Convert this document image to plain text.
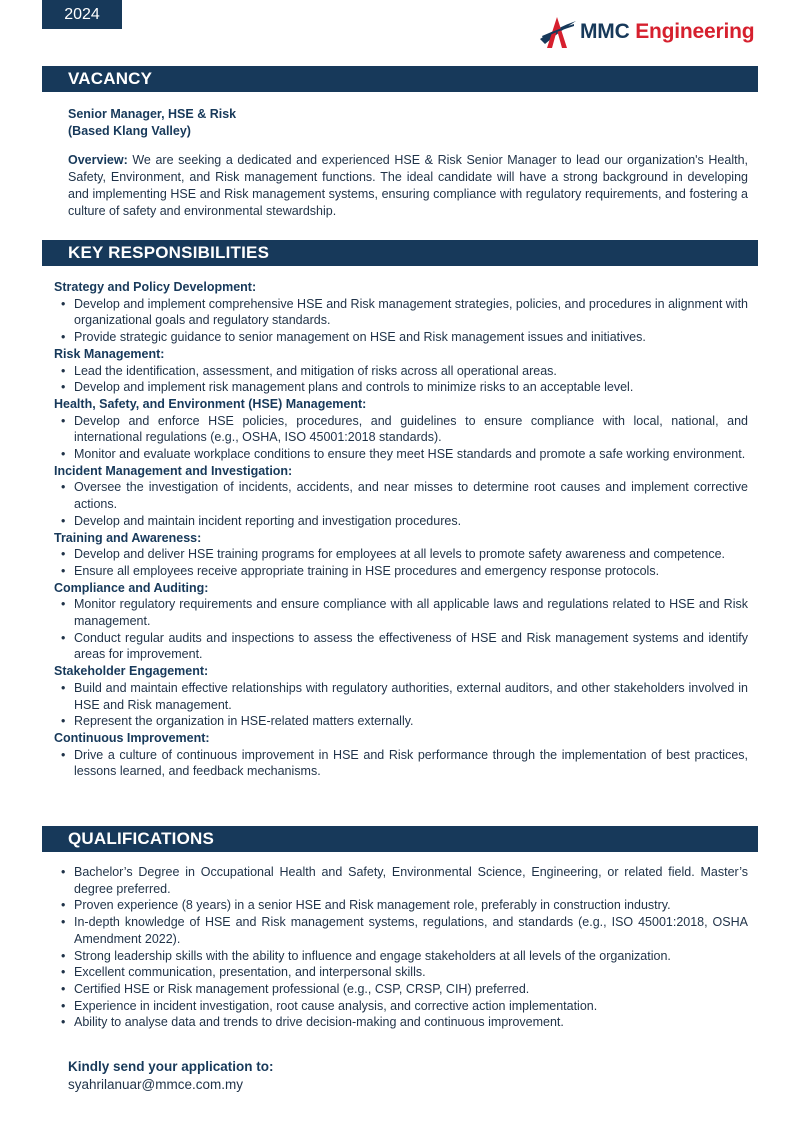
2024
MMC Engineering
VACANCY
Senior Manager, HSE & Risk
(Based Klang Valley)

Overview: We are seeking a dedicated and experienced HSE & Risk Senior Manager to lead our organization's Health, Safety, Environment, and Risk management functions. The ideal candidate will have a strong background in developing and implementing HSE and Risk management systems, ensuring compliance with regulatory requirements, and fostering a culture of safety and environmental stewardship.

KEY RESPONSIBILITIES
Strategy and Policy Development:
• Develop and implement comprehensive HSE and Risk management strategies, policies, and procedures in alignment with organizational goals and regulatory standards.
• Provide strategic guidance to senior management on HSE and Risk management issues and initiatives.
Risk Management:
• Lead the identification, assessment, and mitigation of risks across all operational areas.
• Develop and implement risk management plans and controls to minimize risks to an acceptable level.
Health, Safety, and Environment (HSE) Management:
• Develop and enforce HSE policies, procedures, and guidelines to ensure compliance with local, national, and international regulations (e.g., OSHA, ISO 45001:2018 standards).
• Monitor and evaluate workplace conditions to ensure they meet HSE standards and promote a safe working environment.
Incident Management and Investigation:
• Oversee the investigation of incidents, accidents, and near misses to determine root causes and implement corrective actions.
• Develop and maintain incident reporting and investigation procedures.
Training and Awareness:
• Develop and deliver HSE training programs for employees at all levels to promote safety awareness and competence.
• Ensure all employees receive appropriate training in HSE procedures and emergency response protocols.
Compliance and Auditing:
• Monitor regulatory requirements and ensure compliance with all applicable laws and regulations related to HSE and Risk management.
• Conduct regular audits and inspections to assess the effectiveness of HSE and Risk management systems and identify areas for improvement.
Stakeholder Engagement:
• Build and maintain effective relationships with regulatory authorities, external auditors, and other stakeholders involved in HSE and Risk management.
• Represent the organization in HSE-related matters externally.
Continuous Improvement:
• Drive a culture of continuous improvement in HSE and Risk performance through the implementation of best practices, lessons learned, and feedback mechanisms.
QUALIFICATIONS
• Bachelor’s Degree in Occupational Health and Safety, Environmental Science, Engineering, or related field. Master’s degree preferred.
• Proven experience (8 years) in a senior HSE and Risk management role, preferably in construction industry.
• In-depth knowledge of HSE and Risk management systems, regulations, and standards (e.g., ISO 45001:2018, OSHA Amendment 2022).
• Strong leadership skills with the ability to influence and engage stakeholders at all levels of the organization.
• Excellent communication, presentation, and interpersonal skills.
• Certified HSE or Risk management professional (e.g., CSP, CRSP, CIH) preferred.
• Experience in incident investigation, root cause analysis, and corrective action implementation.
• Ability to analyse data and trends to drive decision-making and continuous improvement.
Kindly send your application to:
syahrilanuar@mmce.com.my
